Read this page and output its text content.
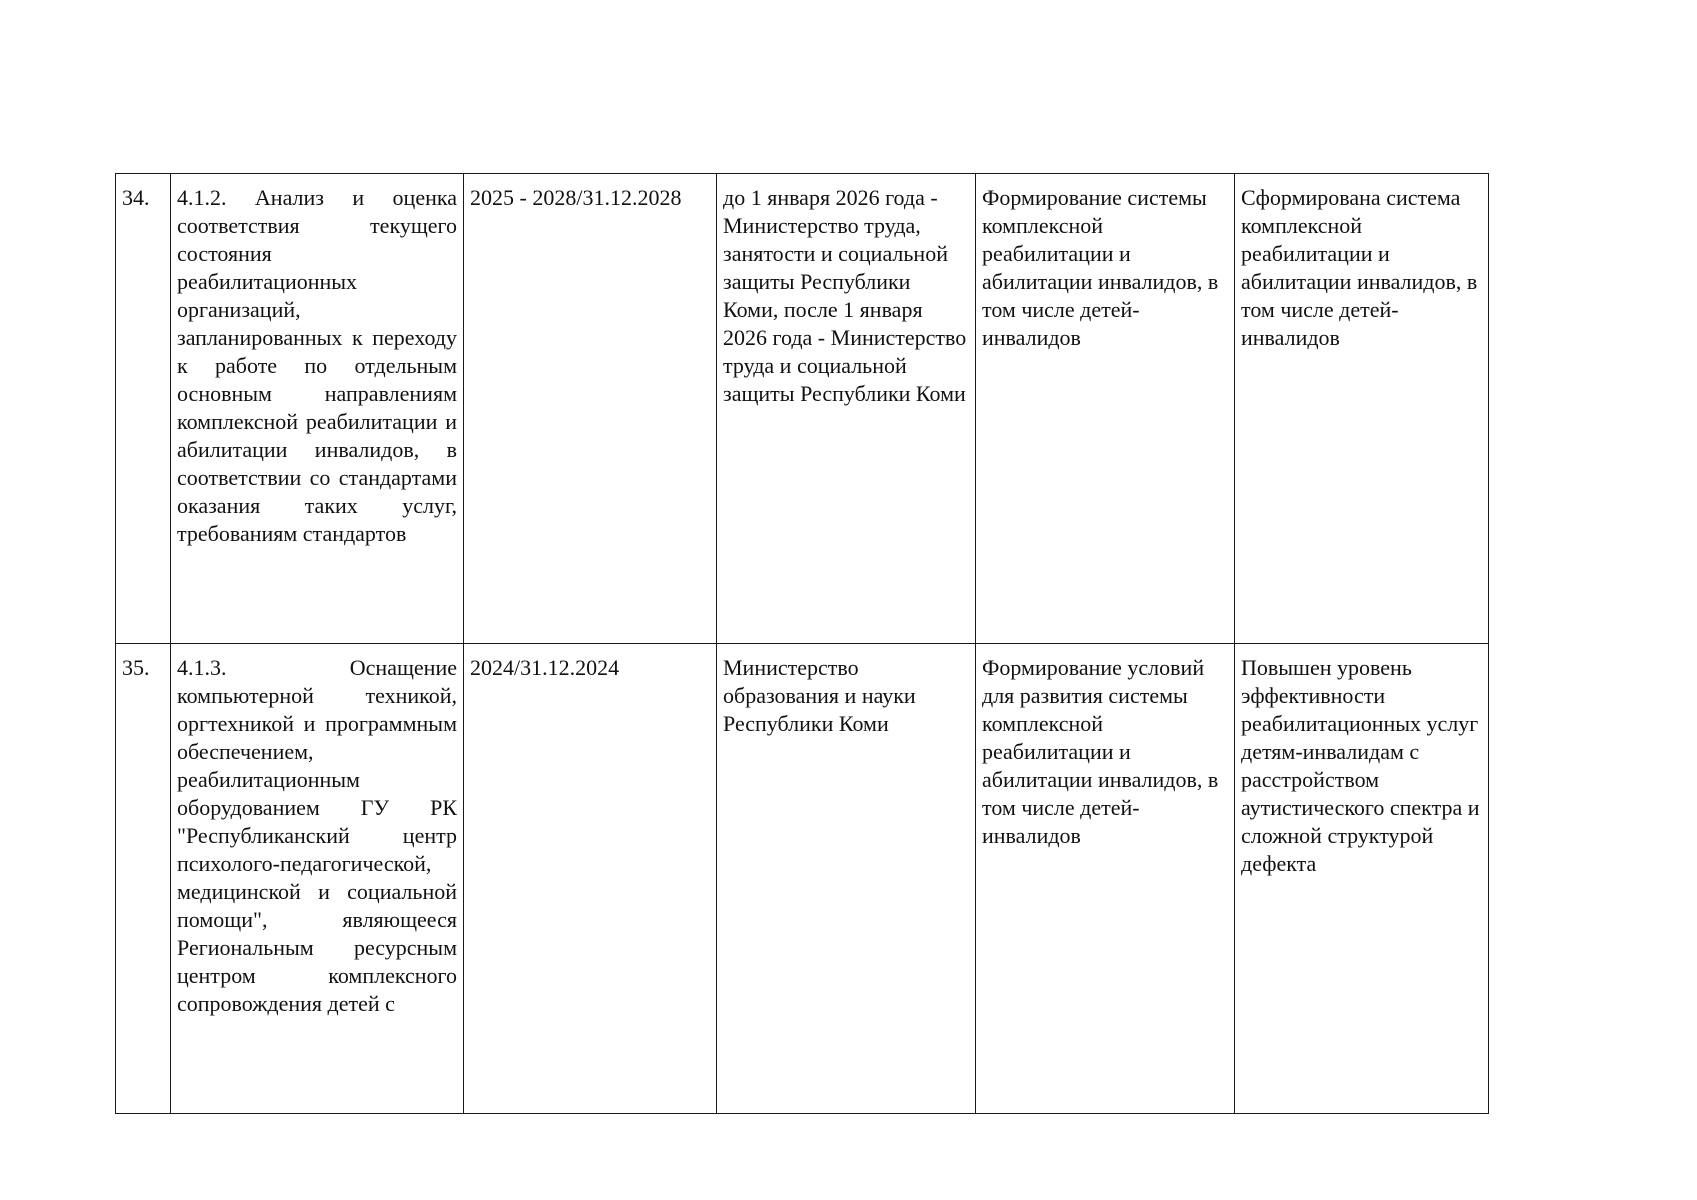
34.	4.1.2. Анализ и оценка соответствия текущего состояния реабилитационных организаций, запланированных к переходу к работе по отдельным основным направлениям комплексной реабилитации и абилитации инвалидов, в соответствии со стандартами оказания таких услуг, требованиям стандартов	2025 - 2028/31.12.2028	до 1 января 2026 года - Министерство труда, занятости и социальной защиты Республики Коми, после 1 января 2026 года - Министерство труда и социальной защиты Республики Коми	Формирование системы комплексной реабилитации и абилитации инвалидов, в том числе детей-инвалидов	Сформирована система комплексной реабилитации и абилитации инвалидов, в том числе детей-инвалидов
35.	4.1.3. Оснащение компьютерной техникой, оргтехникой и программным обеспечением, реабилитационным оборудованием ГУ РК "Республиканский центр психолого-педагогической, медицинской и социальной помощи", являющееся Региональным ресурсным центром комплексного сопровождения детей с	2024/31.12.2024	Министерство образования и науки Республики Коми	Формирование условий для развития системы комплексной реабилитации и абилитации инвалидов, в том числе детей-инвалидов	Повышен уровень эффективности реабилитационных услуг детям-инвалидам с расстройством аутистического спектра и сложной структурой дефекта
